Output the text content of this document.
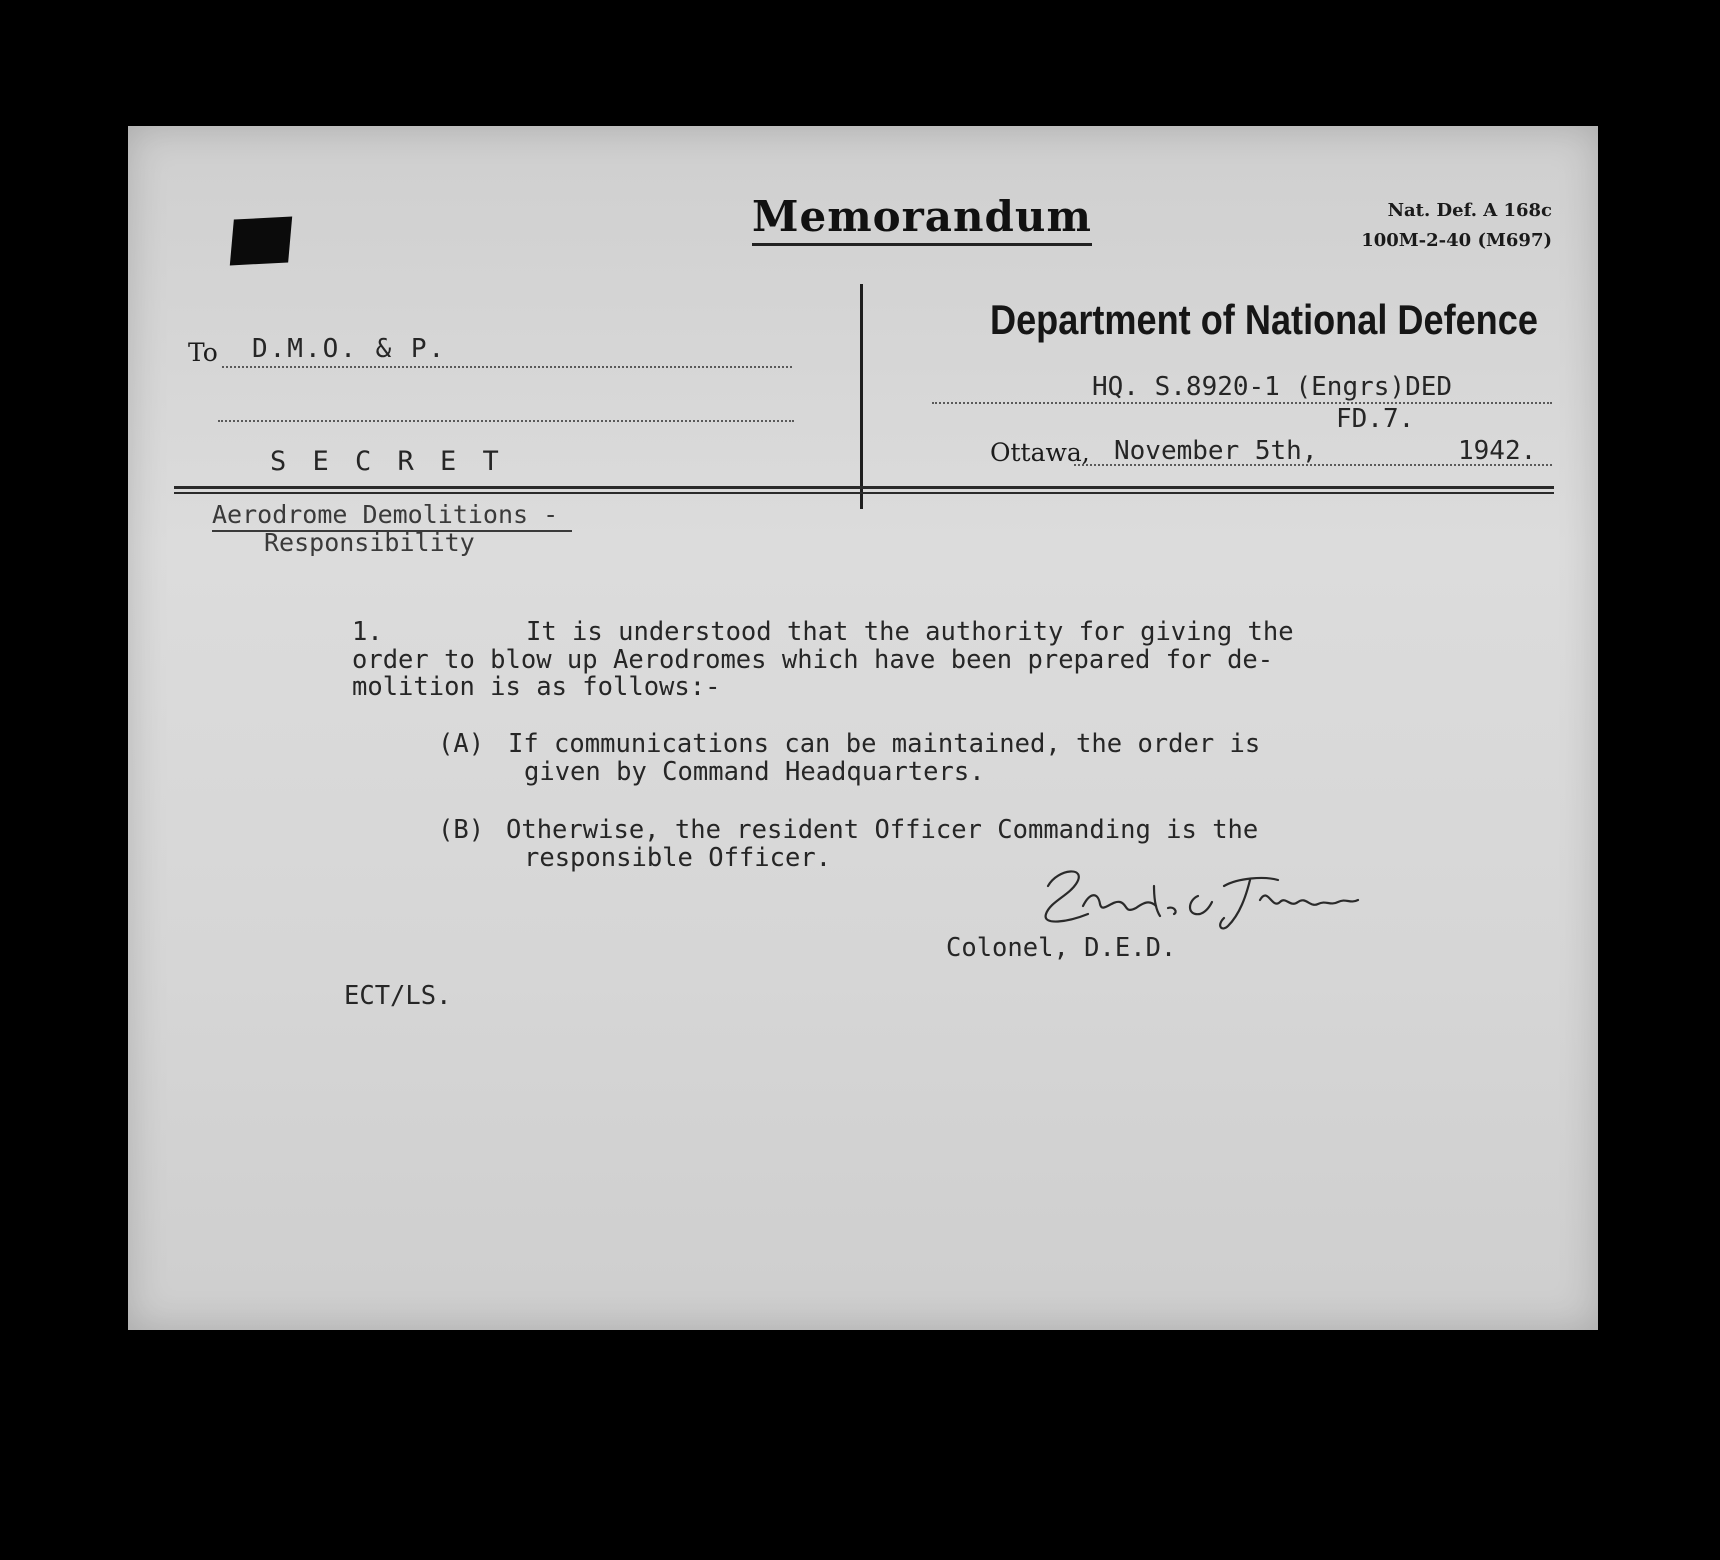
Memorandum	Nat. Def. A 168c
100M-2-40 (M697)
Department of National Defence
To D.M.O. & P.
S E C R E T
HQ. S.8920-1 (Engrs)DED
FD.7.
Ottawa, November 5th,	1942.
Aerodrome Demolitions -
Responsibility
1.	It is understood that the authority for giving the
order to blow up Aerodromes which have been prepared for de-
molition is as follows:-
(A) If communications can be maintained, the order is
given by Command Headquarters.
(B) Otherwise, the resident Officer Commanding is the
responsible Officer.
Colonel, D.E.D.
ECT/LS.
